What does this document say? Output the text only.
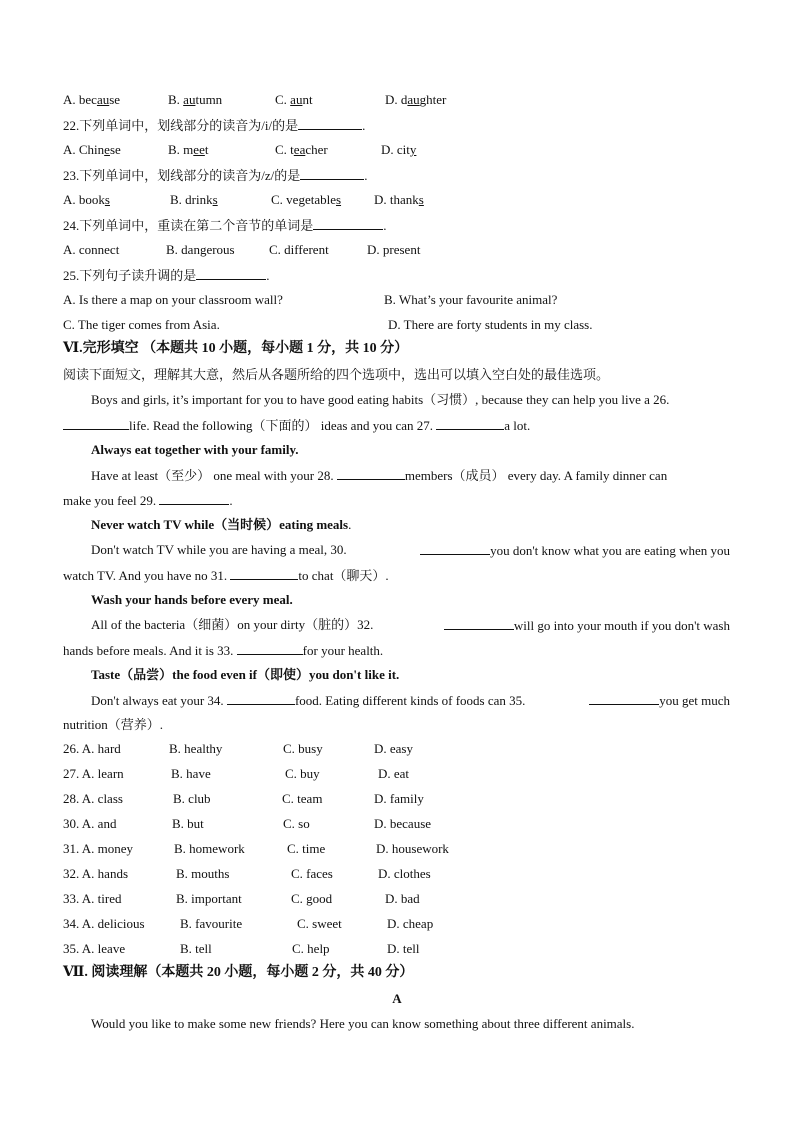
A. because	B. autumn	C. aunt	D. daughter
22.下列单词中，划线部分的读音为/i/的是	.
A. Chinese	B. meet	C. teacher	D. city
23.下列单词中，划线部分的读音为/z/的是	.
A. books	B. drinks	C. vegetables	D. thanks
24.下列单词中，重读在第二个音节的单词是	.
A. connect	B. dangerous	C. different	D. present
25.下列句子读升调的是	.
A. Is there a map on your classroom wall?	B. What’s your favourite animal?
C. The tiger comes from Asia.	D. There are forty students in my class.
Ⅵ.完形填空 （本题共 10 小题，每小题 1 分，共 10 分）
阅读下面短文，理解其大意，然后从各题所给的四个选项中，选出可以填入空白处的最佳选项。
Boys and girls, it’s important for you to have good eating habits（习惯）, because they can help you live a 26.
life. Read the following（下面的） ideas and you can 27.	a lot.
Always eat together with your family.
Have at least（至少） one meal with your 28.	members（成员） every day. A family dinner can
make you feel 29.	.
Never watch TV while（当时候）eating meals.
Don't watch TV while you are having a meal, 30.	you don't know what you are eating when you
watch TV. And you have no 31.	to chat（聊天）.
Wash your hands before every meal.
All of the bacteria（细菌）on your dirty（脏的）32.	will go into your mouth if you don't wash
hands before meals. And it is 33.	for your health.
Taste（品尝）the food even if（即使）you don't like it.
Don't always eat your 34.	food. Eating different kinds of foods can 35.	you get much
nutrition（营养）.
26. A. hard	B. healthy	C. busy	D. easy
27. A. learn	B. have	C. buy	D. eat
28. A. class	B. club	C. team	D. family
30. A. and	B. but	C. so	D. because
31. A. money	B. homework	C. time	D. housework
32. A. hands	B. mouths	C. faces	D. clothes
33. A. tired	B. important	C. good	D. bad
34. A. delicious	B. favourite	C. sweet	D. cheap
35. A. leave	B. tell	C. help	D. tell
Ⅶ. 阅读理解（本题共 20 小题，每小题 2 分，共 40 分）
A
Would you like to make some new friends? Here you can know something about three different animals.
